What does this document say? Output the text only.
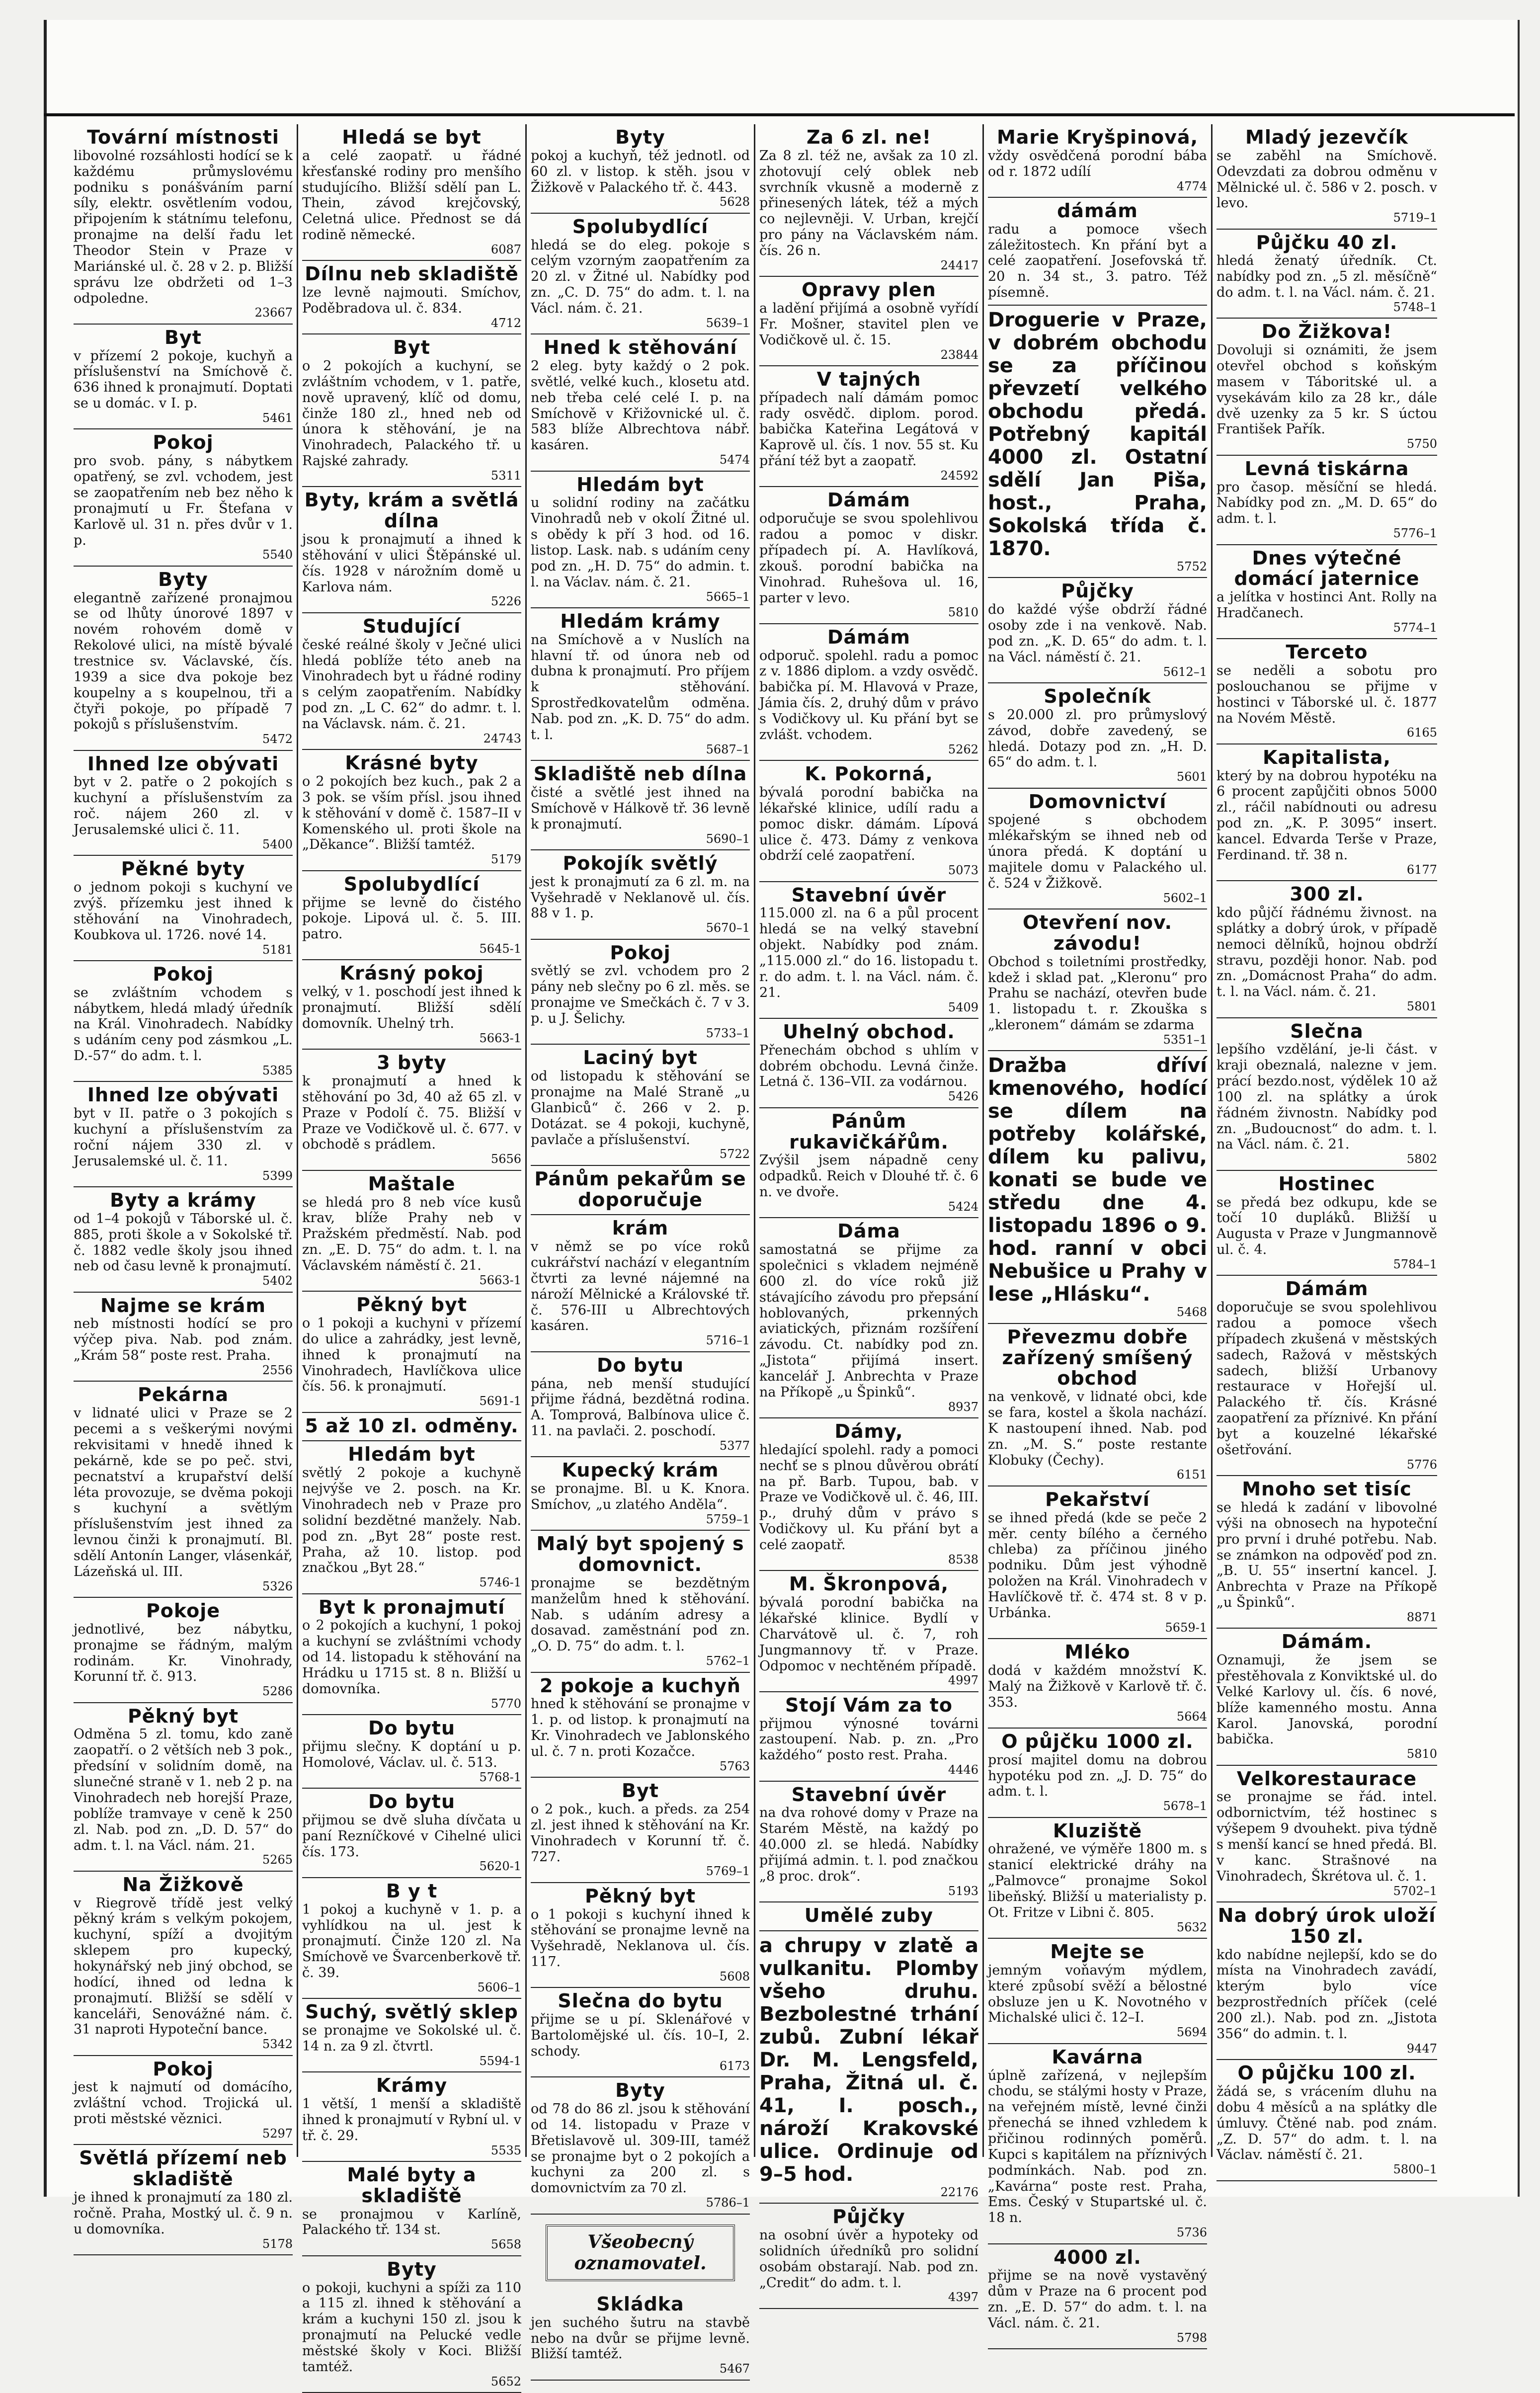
Tovární místnosti
libovolné rozsáhlosti hodící se k každému průmyslovému podniku s ponášváním parní síly, elektr. osvětlením vodou, připojením k státnímu telefonu, pronajme na delší řadu let Theodor Stein v Praze v Mariánské ul. č. 28 v 2. p. Bližší správu lze obdržeti od 1–3 odpoledne.
23667
Byt
v přízemí 2 pokoje, kuchyň a příslušenství na Smíchově č. 636 ihned k pronajmutí. Doptati se u domác. v I. p.
5461
Pokoj
pro svob. pány, s nábytkem opatřený, se zvl. vchodem, jest se zaopatřením neb bez něho k pronajmutí u Fr. Štefana v Karlově ul. 31 n. přes dvůr v 1. p.
5540
Byty
elegantně zařízené pronajmou se od lhůty únorové 1897 v novém rohovém domě v Rekolové ulici, na místě bývalé trestnice sv. Václavské, čís. 1939 a sice dva pokoje bez koupelny a s koupelnou, tři a čtyři pokoje, po případě 7 pokojů s příslušenstvím.
5472
Ihned lze obývati
byt v 2. patře o 2 pokojích s kuchyní a příslušenstvím za roč. nájem 260 zl. v Jerusalemské ulici č. 11.
5400
Pěkné byty
o jednom pokoji s kuchyní ve zvýš. přízemku jest ihned k stěhování na Vinohradech, Koubkova ul. 1726. nové 14.
5181
Pokoj
se zvláštním vchodem s nábytkem, hledá mladý úředník na Král. Vinohradech. Nabídky s udáním ceny pod zásmkou „L. D.-57“ do adm. t. l.
5385
Ihned lze obývati
byt v II. patře o 3 pokojích s kuchyní a příslušenstvím za roční nájem 330 zl. v Jerusalemské ul. č. 11.
5399
Byty a krámy
od 1–4 pokojů v Táborské ul. č. 885, proti škole a v Sokolské tř. č. 1882 vedle školy jsou ihned neb od času levně k pronajmutí.
5402
Najme se krám
neb místnosti hodící se pro výčep piva. Nab. pod znám. „Krám 58“ poste rest. Praha.
2556
Pekárna
v lidnaté ulici v Praze se 2 pecemi a s veškerými novými rekvisitami v hnedě ihned k pekárně, kde se po peč. stvi, pecnatství a krupařství delší léta provozuje, se dvěma pokoji s kuchyní a světlým příslušenstvím jest ihned za levnou činži k pronajmutí. Bl. sdělí Antonín Langer, vlásenkář, Lázeňská ul. III.
5326
Pokoje
jednotlivé, bez nábytku, pronajme se řádným, malým rodinám. Kr. Vinohrady, Korunní tř. č. 913.
5286
Pěkný byt
Odměna 5 zl. tomu, kdo zaně zaopatří. o 2 větších neb 3 pok., předsíní v solidním domě, na slunečné straně v 1. neb 2 p. na Vinohradech neb horejší Praze, poblíže tramvaye v ceně k 250 zl. Nab. pod zn. „D. D. 57“ do adm. t. l. na Václ. nám. 21.
5265
Na Žižkově
v Riegrově třídě jest velký pěkný krám s velkým pokojem, kuchyní, spíží a dvojitým sklepem pro kupecký, hokynářský neb jiný obchod, se hodící, ihned od ledna k pronajmutí. Bližší se sdělí v kanceláři, Senovážné nám. č. 31 naproti Hypoteční bance.
5342
Pokoj
jest k najmutí od domácího, zvláštní vchod. Trojická ul. proti městské věznici.
5297
Světlá přízemí neb skladiště
je ihned k pronajmutí za 180 zl. ročně. Praha, Mostký ul. č. 9 n. u domovníka.
5178
Hledá se byt
a celé zaopatř. u řádné křesťanské rodiny pro menšího studujícího. Bližší sdělí pan L. Thein, závod krejčovský, Celetná ulice. Přednost se dá rodině německé.
6087
Dílnu neb skladiště
lze levně najmouti. Smíchov, Poděbradova ul. č. 834.
4712
Byt
o 2 pokojích a kuchyní, se zvláštním vchodem, v 1. patře, nově upravený, klíč od domu, činže 180 zl., hned neb od února k stěhování, je na Vinohradech, Palackého tř. u Rajské zahrady.
5311
Byty, krám a světlá dílna
jsou k pronajmutí a ihned k stěhování v ulici Štěpánské ul. čís. 1928 v nárožním domě u Karlova nám.
5226
Studující
české reálné školy v Ječné ulici hledá poblíže této aneb na Vinohradech byt u řádné rodiny s celým zaopatřením. Nabídky pod zn. „L C. 62“ do admr. t. l. na Václavsk. nám. č. 21.
24743
Krásné byty
o 2 pokojích bez kuch., pak 2 a 3 pok. se vším přísl. jsou ihned k stěhování v domě č. 1587–II v Komenského ul. proti škole na „Děkance“. Bližší tamtéž.
5179
Spolubydlící
přijme se levně do čistého pokoje. Lipová ul. č. 5. III. patro.
5645-1
Krásný pokoj
velký, v 1. poschodí jest ihned k pronajmutí. Bližší sdělí domovník. Uhelný trh.
5663-1
3 byty
k pronajmutí a hned k stěhování po 3d, 40 až 65 zl. v Praze v Podolí č. 75. Bližší v Praze ve Vodičkově ul. č. 677. v obchodě s prádlem.
5656
Maštale
se hledá pro 8 neb více kusů krav, blíže Prahy neb v Pražském předměstí. Nab. pod zn. „E. D. 75“ do adm. t. l. na Václavském náměstí č. 21.
5663-1
Pěkný byt
o 1 pokoji a kuchyni v přízemí do ulice a zahrádky, jest levně, ihned k pronajmutí na Vinohradech, Havlíčkova ulice čís. 56. k pronajmutí.
5691-1
5 až 10 zl. odměny.
Hledám byt
světlý 2 pokoje a kuchyně nejvýše ve 2. posch. na Kr. Vinohradech neb v Praze pro solidní bezdětné manžely. Nab. pod zn. „Byt 28“ poste rest. Praha, až 10. listop. pod značkou „Byt 28.“
5746-1
Byt k pronajmutí
o 2 pokojích a kuchyní, 1 pokoj a kuchyní se zvláštními vchody od 14. listopadu k stěhování na Hrádku u 1715 st. 8 n. Bližší u domovníka.
5770
Do bytu
přijmu slečny. K doptání u p. Homolové, Václav. ul. č. 513.
5768-1
Do bytu
přijmou se dvě sluha dívčata u paní Rezníčkové v Cihelné ulici čís. 173.
5620-1
B y t
1 pokoj a kuchyně v 1. p. a vyhlídkou na ul. jest k pronajmutí. Činže 120 zl. Na Smíchově ve Švarcenberkově tř. č. 39.
5606–1
Suchý, světlý sklep
se pronajme ve Sokolské ul. č. 14 n. za 9 zl. čtvrtl.
5594-1
Krámy
1 větší, 1 menší a skladiště ihned k pronajmutí v Rybní ul. v tř. č. 29.
5535
Malé byty a skladiště
se pronajmou v Karlíně, Palackého tř. 134 st.
5658
Byty
o pokoji, kuchyni a spíži za 110 a 115 zl. ihned k stěhování a krám a kuchyni 150 zl. jsou k pronajmutí na Pelucké vedle městské školy v Koci. Bližší tamtéž.
5652
Byty
pokoj a kuchyň, též jednotl. od 60 zl. v listop. k stěh. jsou v Žižkově v Palackého tř. č. 443.
5628
Spolubydlící
hledá se do eleg. pokoje s celým vzorným zaopatřením za 20 zl. v Žitné ul. Nabídky pod zn. „C. D. 75“ do adm. t. l. na Václ. nám. č. 21.
5639–1
Hned k stěhování
2 eleg. byty každý o 2 pok. světlé, velké kuch., klosetu atd. neb třeba celé celé I. p. na Smíchově v Křižovnické ul. č. 583 blíže Albrechtova nábř. kasáren.
5474
Hledám byt
u solidní rodiny na začátku Vinohradů neb v okolí Žitné ul. s obědy k pří 3 hod. od 16. listop. Lask. nab. s udáním ceny pod zn. „H. D. 75“ do admin. t. l. na Václav. nám. č. 21.
5665–1
Hledám krámy
na Smíchově a v Nuslích na hlavní tř. od února neb od dubna k pronajmutí. Pro příjem k stěhování. Sprostředkovatelům odměna. Nab. pod zn. „K. D. 75“ do adm. t. l.
5687–1
Skladiště neb dílna
čisté a světlé jest ihned na Smíchově v Hálkově tř. 36 levně k pronajmutí.
5690–1
Pokojík světlý
jest k pronajmutí za 6 zl. m. na Vyšehradě v Neklanově ul. čís. 88 v 1. p.
5670–1
Pokoj
světlý se zvl. vchodem pro 2 pány neb slečny po 6 zl. měs. se pronajme ve Smečkách č. 7 v 3. p. u J. Šelichy.
5733–1
Laciný byt
od listopadu k stěhování se pronajme na Malé Straně „u Glanbiců“ č. 266 v 2. p. Dotázat. se 4 pokoji, kuchyně, pavlače a příslušenství.
5722
Pánům pekařům se doporučuje
krám
v němž se po více roků cukrářství nachází v elegantním čtvrti za levné nájemné na nároží Mělnické a Královské tř. č. 576-III u Albrechtových kasáren.
5716–1
Do bytu
pána, neb menší studující přijme řádná, bezdětná rodina. A. Tomprová, Balbínova ulice č. 11. na pavlači. 2. poschodí.
5377
Kupecký krám
se pronajme. Bl. u K. Knora. Smíchov, „u zlatého Anděla“.
5759–1
Malý byt spojený s domovnict.
pronajme se bezdětným manželům hned k stěhování. Nab. s udáním adresy a dosavad. zaměstnání pod zn. „O. D. 75“ do adm. t. l.
5762–1
2 pokoje a kuchyň
hned k stěhování se pronajme v 1. p. od listop. k pronajmutí na Kr. Vinohradech ve Jablonského ul. č. 7 n. proti Kozačce.
5763
Byt
o 2 pok., kuch. a předs. za 254 zl. jest ihned k stěhování na Kr. Vinohradech v Korunní tř. č. 727.
5769–1
Pěkný byt
o 1 pokoji s kuchyní ihned k stěhování se pronajme levně na Vyšehradě, Neklanova ul. čís. 117.
5608
Slečna do bytu
přijme se u pí. Sklenářové v Bartolomějské ul. čís. 10–I, 2. schody.
6173
Byty
od 78 do 86 zl. jsou k stěhování od 14. listopadu v Praze v Břetislavově ul. 309-III, taméž se pronajme byt o 2 pokojích a kuchyni za 200 zl. s domovnictvím za 70 zl.
5786–1
Všeobecný
oznamovatel.
Skládka
jen suchého šutru na stavbě nebo na dvůr se přijme levně. Bližší tamtéž.
5467
Za 6 zl. ne!
Za 8 zl. též ne, avšak za 10 zl. zhotovují celý oblek neb svrchník vkusně a moderně z přinesených látek, též a mých co nejlevněji. V. Urban, krejčí pro pány na Václavském nám. čís. 26 n.
24417
Opravy plen
a ladění přijímá a osobně vyřídí Fr. Mošner, stavitel plen ve Vodičkově ul. č. 15.
23844
V tajných
případech nalí dámám pomoc rady osvědč. diplom. porod. babička Kateřina Legátová v Kaprově ul. čís. 1 nov. 55 st. Ku přání též byt a zaopatř.
24592
Dámám
odporučuje se svou spolehlivou radou a pomoc v diskr. případech pí. A. Havlíková, zkouš. porodní babička na Vinohrad. Ruhešova ul. 16, parter v levo.
5810
Dámám
odporuč. spolehl. radu a pomoc z v. 1886 diplom. a vzdy osvědč. babička pí. M. Hlavová v Praze, Jámia čís. 2, druhý dům v právo s Vodičkovy ul. Ku přání byt se zvlášt. vchodem.
5262
K. Pokorná,
bývalá porodní babička na lékařské klinice, udílí radu a pomoc diskr. dámám. Lípová ulice č. 473. Dámy z venkova obdrží celé zaopatření.
5073
Stavební úvěr
115.000 zl. na 6 a půl procent hledá se na velký stavební objekt. Nabídky pod znám. „115.000 zl.“ do 16. listopadu t. r. do adm. t. l. na Václ. nám. č. 21.
5409
Uhelný obchod.
Přenechám obchod s uhlím v dobrém obchodu. Levná činže. Letná č. 136–VII. za vodárnou.
5426
Pánům rukavičkářům.
Zvýšil jsem nápadně ceny odpadků. Reich v Dlouhé tř. č. 6 n. ve dvoře.
5424
Dáma
samostatná se přijme za společnici s vkladem nejméně 600 zl. do více roků již stávajícího závodu pro přepsání hoblovaných, prkenných aviatických, přiznám rozšíření závodu. Ct. nabídky pod zn. „Jistota“ přijímá insert. kancelář J. Anbrechta v Praze na Příkopě „u Špinků“.
8937
Dámy,
hledající spolehl. rady a pomoci nechť se s plnou důvěrou obrátí na př. Barb. Tupou, bab. v Praze ve Vodičkově ul. č. 46, III. p., druhý dům v právo s Vodičkovy ul. Ku přání byt a celé zaopatř.
8538
M. Škronpová,
bývalá porodní babička na lékařské klinice. Bydlí v Charvátově ul. č. 7, roh Jungmannovy tř. v Praze. Odpomoc v nechtěném případě.
4997
Stojí Vám za to
přijmou výnosné továrni zastoupení. Nab. p. zn. „Pro každého“ posto rest. Praha.
4446
Stavební úvěr
na dva rohové domy v Praze na Starém Městě, na každý po 40.000 zl. se hledá. Nabídky přijímá admin. t. l. pod značkou „8 proc. drok“.
5193
Umělé zuby
a chrupy v zlatě a vulkanitu. Plomby všeho druhu. Bezbolestné trhání zubů. Zubní lékař Dr. M. Lengsfeld, Praha, Žitná ul. č. 41, I. posch., nároží Krakovské ulice. Ordinuje od 9–5 hod.
22176
Půjčky
na osobní úvěr a hypoteky od solidních úředníků pro solidní osobám obstarají. Nab. pod zn. „Credit“ do adm. t. l.
4397
Marie Kryšpinová,
vždy osvědčená porodní bába od r. 1872 udílí
4774
dámám
radu a pomoce všech záležitostech. Kn přání byt a celé zaopatření. Josefovská tř. 20 n. 34 st., 3. patro. Též písemně.
Droguerie v Praze, v dobrém obchodu se za příčinou převzetí velkého obchodu předá. Potřebný kapitál 4000 zl. Ostatní sdělí Jan Piša, host., Praha, Sokolská třída č. 1870.
5752
Půjčky
do každé výše obdrží řádné osoby zde i na venkově. Nab. pod zn. „K. D. 65“ do adm. t. l. na Václ. náměstí č. 21.
5612–1
Společník
s 20.000 zl. pro průmyslový závod, dobře zavedený, se hledá. Dotazy pod zn. „H. D. 65“ do adm. t. l.
5601
Domovnictví
spojené s obchodem mlékařským se ihned neb od února předá. K doptání u majitele domu v Palackého ul. č. 524 v Žižkově.
5602–1
Otevření nov. závodu!
Obchod s toiletními prostředky, kdež i sklad pat. „Kleronu“ pro Prahu se nachází, otevřen bude 1. listopadu t. r. Zkouška s „kleronem“ dámám se zdarma
5351–1
Dražba dříví kmenového, hodící se dílem na potřeby kolářské, dílem ku palivu, konati se bude ve středu dne 4. listopadu 1896 o 9. hod. ranní v obci Nebušice u Prahy v lese „Hlásku“.
5468
Převezmu dobře zařízený smíšený obchod
na venkově, v lidnaté obci, kde se fara, kostel a škola nachází. K nastoupení ihned. Nab. pod zn. „M. S.“ poste restante Klobuky (Čechy).
6151
Pekařství
se ihned předá (kde se peče 2 měr. centy bílého a černého chleba) za příčinou jiného podniku. Dům jest výhodně položen na Král. Vinohradech v Havlíčkově tř. č. 474 st. 8 v p. Urbánka.
5659-1
Mléko
dodá v každém množství K. Malý na Žižkově v Karlově tř. č. 353.
5664
O půjčku 1000 zl.
prosí majitel domu na dobrou hypotéku pod zn. „J. D. 75“ do adm. t. l.
5678–1
Kluziště
ohražené, ve výměře 1800 m. s stanicí elektrické dráhy na „Palmovce“ pronajme Sokol libeňský. Bližší u materialisty p. Ot. Fritze v Libni č. 805.
5632
Mejte se
jemným voňavým mýdlem, které způsobí svěží a bělostné obsluze jen u K. Novotného v Michalské ulici č. 12–I.
5694
Kavárna
úplně zařízená, v nejlepším chodu, se stálými hosty v Praze, na veřejném místě, levné činži přenechá se ihned vzhledem k přičinou rodinných poměrů. Kupci s kapitálem na příznivých podmínkách. Nab. pod zn. „Kavárna“ poste rest. Praha, Ems. Český v Stupartské ul. č. 18 n.
5736
4000 zl.
přijme se na nově vystavěný dům v Praze na 6 procent pod zn. „E. D. 57“ do adm. t. l. na Václ. nám. č. 21.
5798
Mladý jezevčík
se zaběhl na Smíchově. Odevzdati za dobrou odměnu v Mělnické ul. č. 586 v 2. posch. v levo.
5719–1
Půjčku 40 zl.
hledá ženatý úředník. Ct. nabídky pod zn. „5 zl. měsíčně“ do adm. t. l. na Václ. nám. č. 21.
5748–1
Do Žižkova!
Dovoluji si oznámiti, že jsem otevřel obchod s koňským masem v Táboritské ul. a vysekávám kilo za 28 kr., dále dvě uzenky za 5 kr. S úctou František Pařík.
5750
Levná tiskárna
pro časop. měsíční se hledá. Nabídky pod zn. „M. D. 65“ do adm. t. l.
5776–1
Dnes výtečné domácí jaternice
a jelítka v hostinci Ant. Rolly na Hradčanech.
5774–1
Terceto
se neděli a sobotu pro poslouchanou se přijme v hostinci v Táborské ul. č. 1877 na Novém Městě.
6165
Kapitalista,
který by na dobrou hypotéku na 6 procent zapůjčiti obnos 5000 zl., ráčil nabídnouti ou adresu pod zn. „K. P. 3095“ insert. kancel. Edvarda Terše v Praze, Ferdinand. tř. 38 n.
6177
300 zl.
kdo půjčí řádnému živnost. na splátky a dobrý úrok, v případě nemoci dělníků, hojnou obdrží stravu, později honor. Nab. pod zn. „Domácnost Praha“ do adm. t. l. na Václ. nám. č. 21.
5801
Slečna
lepšího vzdělání, je-li část. v kraji obeznalá, nalezne v jem. prácí bezdo.nost, výdělek 10 až 100 zl. na splátky a úrok řádném živnostn. Nabídky pod zn. „Budoucnost“ do adm. t. l. na Václ. nám. č. 21.
5802
Hostinec
se předá bez odkupu, kde se točí 10 dupláků. Bližší u Augusta v Praze v Jungmannově ul. č. 4.
5784–1
Dámám
doporučuje se svou spolehlivou radou a pomoce všech případech zkušená v městských sadech, Ražová v městských sadech, bližší Urbanovy restaurace v Hořejší ul. Palackého tř. čís. Krásné zaopatření za příznivé. Kn přání byt a kouzelné lékařské ošetřování.
5776
Mnoho set tisíc
se hledá k zadání v libovolné výši na obnosech na hypoteční pro první i druhé potřebu. Nab. se známkon na odpověď pod zn. „B. U. 55“ insertní kancel. J. Anbrechta v Praze na Příkopě „u Špinků“.
8871
Dámám.
Oznamuji, že jsem se přestěhovala z Konviktské ul. do Velké Karlovy ul. čís. 6 nové, blíže kamenného mostu. Anna Karol. Janovská, porodní babička.
5810
Velkorestaurace
se pronajme se řád. intel. odbornictvím, též hostinec s výšepem 9 dvouhekt. piva týdně s menší kancí se hned předá. Bl. v kanc. Strašnové na Vinohradech, Škrétova ul. č. 1.
5702–1
Na dobrý úrok uloží 150 zl.
kdo nabídne nejlepší, kdo se do místa na Vinohradech zavádí, kterým bylo více bezprostředních příček (celé 200 zl.). Nab. pod zn. „Jistota 356“ do admin. t. l.
9447
O půjčku 100 zl.
žádá se, s vrácením dluhu na dobu 4 měsíců a na splátky dle úmluvy. Čtěné nab. pod znám. „Z. D. 57“ do adm. t. l. na Václav. náměstí č. 21.
5800–1
